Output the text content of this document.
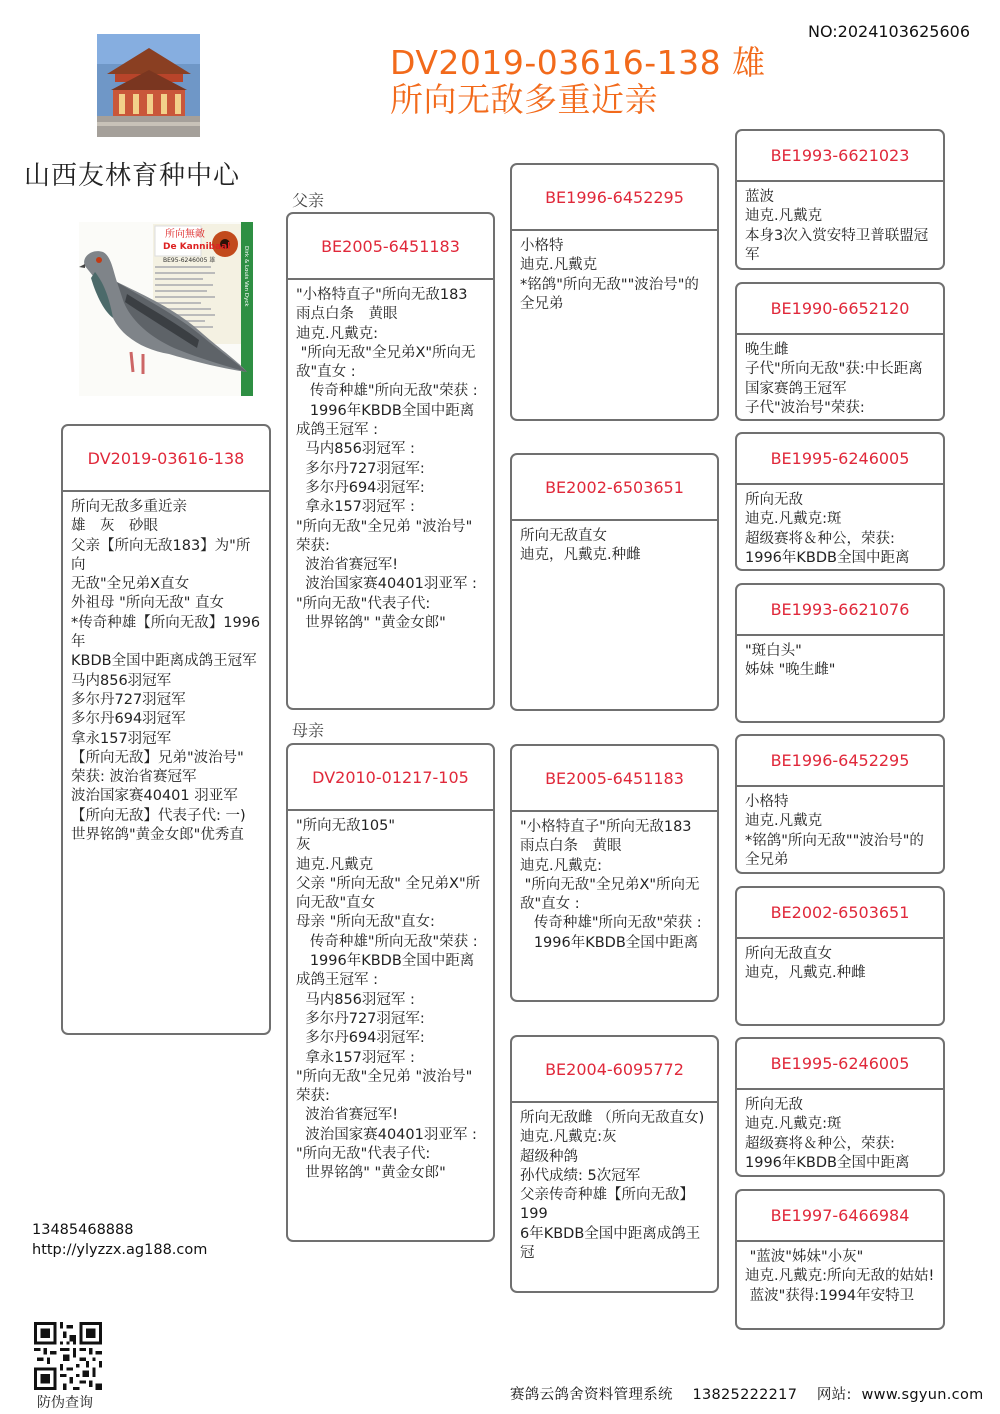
NO:2024103625606
DV2019-03616-138 雄
所向无敌多重近亲
山西友林育种中心
所向無敵
De Kannibaal
BE95-6246005 雄	Dirk & Louis Van Dyck
父亲
母亲
DV2019-03616-138
所向无敌多重近亲
雄　灰　砂眼
父亲【所向无敌183】为"所向
无敌"全兄弟X直女
外祖母 "所向无敌" 直女
*传奇种雄【所向无敌】1996年
KBDB全国中距离成鸽王冠军
马内856羽冠军
多尔丹727羽冠军
多尔丹694羽冠军
拿永157羽冠军
【所向无敌】兄弟"波治号"
荣获: 波治省赛冠军
波治国家赛40401 羽亚军
【所向无敌】代表子代: 一)
世界铭鸽"黄金女郎"优秀直
BE2005-6451183
"小格特直子"所向无敌183
雨点白条　黄眼
迪克.凡戴克:
"所向无敌"全兄弟X"所向无敌"直女 :
传奇种雄"所向无敌"荣获 :
1996年KBDB全国中距离成鸽王冠军 :
马内856羽冠军 :
多尔丹727羽冠军:
多尔丹694羽冠军:
拿永157羽冠军 :
"所向无敌"全兄弟 "波治号" 荣获:
波治省赛冠军!
波治国家赛40401羽亚军 :
"所向无敌"代表子代:
世界铭鸽" "黄金女郎"
DV2010-01217-105
"所向无敌105"
灰
迪克.凡戴克
父亲 "所向无敌" 全兄弟X"所向无敌"直女
母亲 "所向无敌"直女:
传奇种雄"所向无敌"荣获 :
1996年KBDB全国中距离成鸽王冠军 :
马内856羽冠军 :
多尔丹727羽冠军:
多尔丹694羽冠军:
拿永157羽冠军 :
"所向无敌"全兄弟 "波治号" 荣获:
波治省赛冠军!
波治国家赛40401羽亚军 :
"所向无敌"代表子代:
世界铭鸽" "黄金女郎"
BE1996-6452295
小格特
迪克.凡戴克
*铭鸽"所向无敌""波治号"的全兄弟
BE2002-6503651
所向无敌直女
迪克，凡戴克.种雌
BE2005-6451183
"小格特直子"所向无敌183
雨点白条　黄眼
迪克.凡戴克:
"所向无敌"全兄弟X"所向无敌"直女 :
传奇种雄"所向无敌"荣获 :
1996年KBDB全国中距离
BE2004-6095772
所向无敌雌 （所向无敌直女)
迪克.凡戴克:灰
超级种鸽
孙代成绩: 5次冠军
父亲传奇种雄【所向无敌】199
6年KBDB全国中距离成鸽王冠
BE1993-6621023
蓝波
迪克.凡戴克
本身3次入赏安特卫普联盟冠军
BE1990-6652120
晚生雌
子代"所向无敌"获:中长距离国家赛鸽王冠军
子代"波治号"荣获:
BE1995-6246005
所向无敌
迪克.凡戴克:斑
超级赛将＆种公，荣获:
1996年KBDB全国中距离
BE1993-6621076
"斑白头"
姊妹 "晚生雌"
BE1996-6452295
小格特
迪克.凡戴克
*铭鸽"所向无敌""波治号"的全兄弟
BE2002-6503651
所向无敌直女
迪克，凡戴克.种雌
BE1995-6246005
所向无敌
迪克.凡戴克:斑
超级赛将＆种公，荣获:
1996年KBDB全国中距离
BE1997-6466984
"蓝波"姊妹"小灰"
迪克.凡戴克:所向无敌的姑姑!
蓝波"获得:1994年安特卫
13485468888
http://ylyzzx.ag188.com
防伪查询	赛鸽云鸽舍资料管理系统 13825222217 网站: www.sgyun.com
